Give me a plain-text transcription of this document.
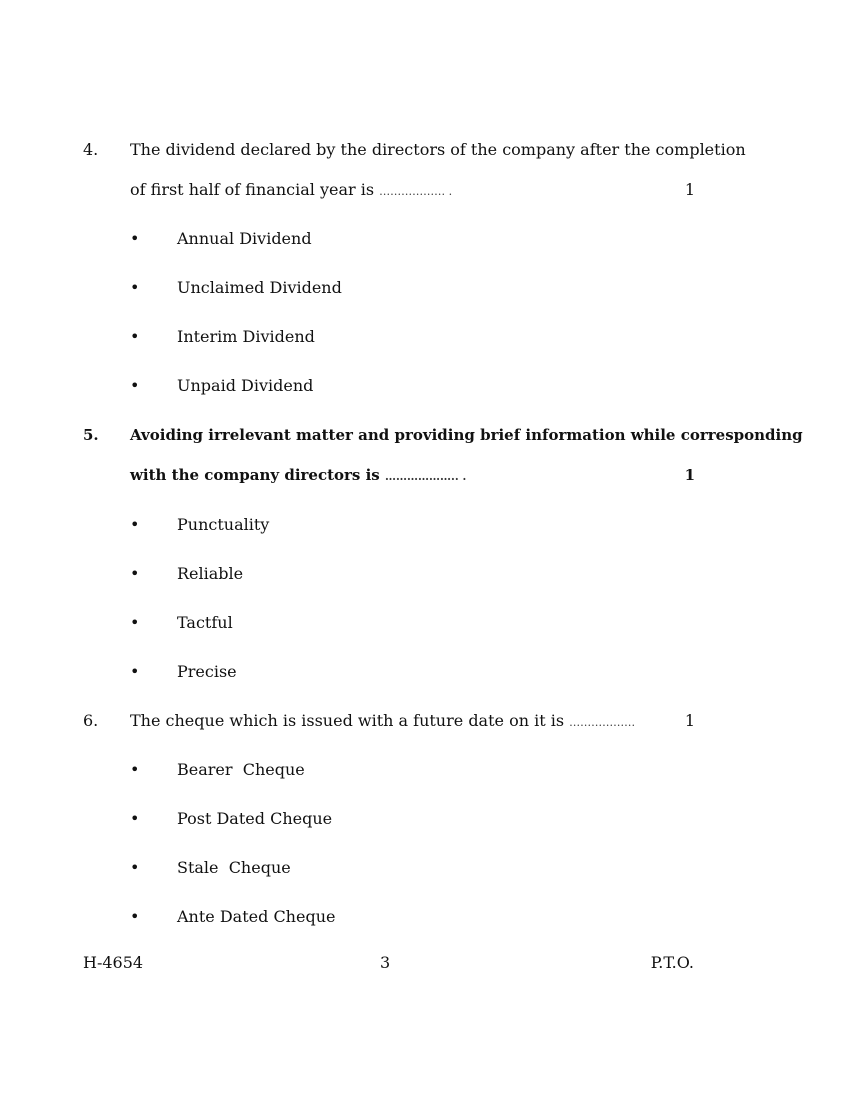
4. The dividend declared by the directors of the company after the completion
of first half of financial year is ……………… .	1
• Annual Dividend
• Unclaimed Dividend
• Interim Dividend
• Unpaid Dividend
5. Avoiding irrelevant matter and providing brief information while corresponding
with the company directors is ……………….. .	1
• Punctuality
• Reliable
• Tactful
• Precise
6. The cheque which is issued with a future date on it is ………………	1
• Bearer  Cheque
• Post Dated Cheque
• Stale  Cheque
• Ante Dated Cheque
H-4654	3	P.T.O.
